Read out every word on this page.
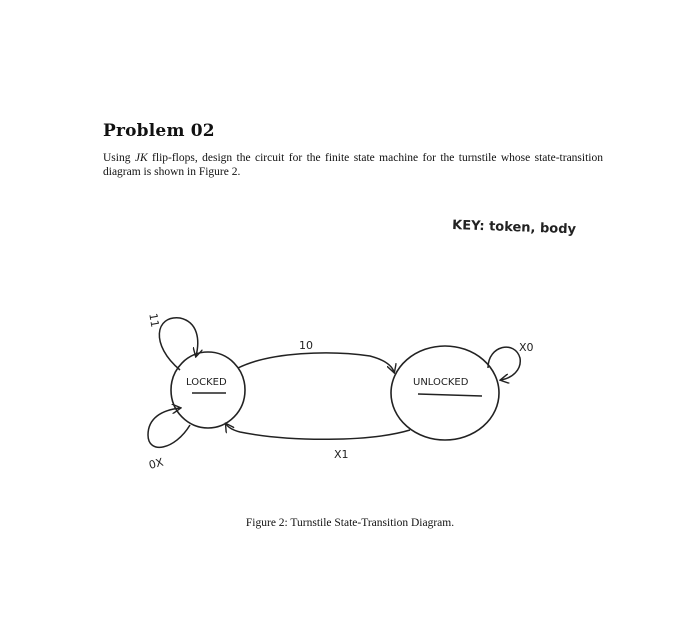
Problem 02
Using JK flip-flops, design the circuit for the finite state machine for the turnstile whose state-transition diagram is shown in Figure 2.
KEY: token, body
LOCKED	UNLOCKED
11
0X
10
X1
X0
Figure 2: Turnstile State-Transition Diagram.
